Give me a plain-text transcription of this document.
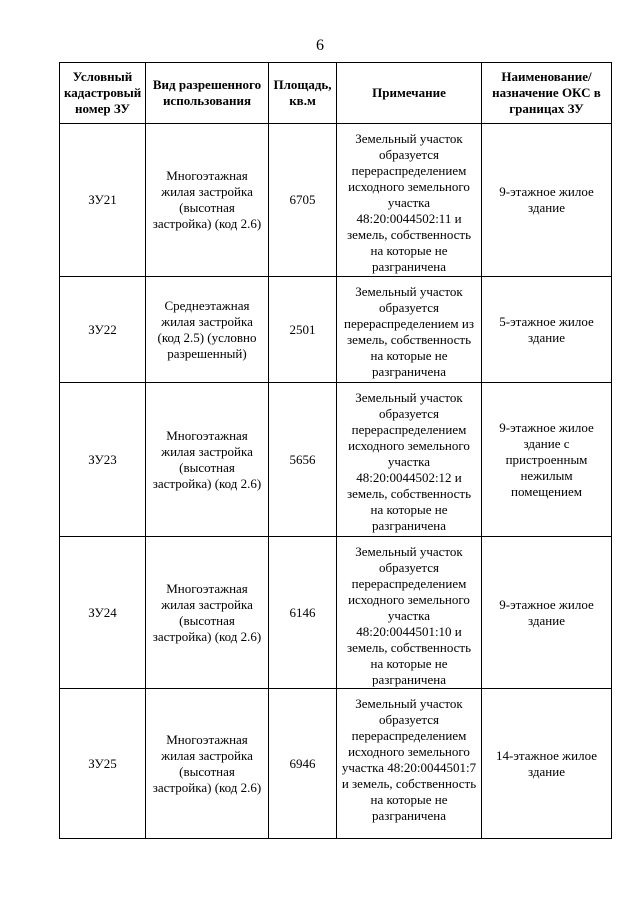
6
Условный кадастровый номер ЗУ	Вид разрешенного использования	Площадь, кв.м	Примечание	Наименование/ назначение ОКС в границах ЗУ
ЗУ21	Многоэтажная жилая застройка (высотная застройка) (код 2.6)	6705	Земельный участок образуется перераспределением исходного земельного участка 48:20:0044502:11 и земель, собственность на которые не разграничена	9-этажное жилое здание
ЗУ22	Среднеэтажная жилая застройка (код 2.5) (условно разрешенный)	2501	Земельный участок образуется перераспределением из земель, собственность на которые не разграничена	5-этажное жилое здание
ЗУ23	Многоэтажная жилая застройка (высотная застройка) (код 2.6)	5656	Земельный участок образуется перераспределением исходного земельного участка 48:20:0044502:12 и земель, собственность на которые не разграничена	9-этажное жилое здание с пристроенным нежилым помещением
ЗУ24	Многоэтажная жилая застройка (высотная застройка) (код 2.6)	6146	Земельный участок образуется перераспределением исходного земельного участка 48:20:0044501:10 и земель, собственность на которые не разграничена	9-этажное жилое здание
ЗУ25	Многоэтажная жилая застройка (высотная застройка) (код 2.6)	6946	Земельный участок образуется перераспределением исходного земельного участка 48:20:0044501:7 и земель, собственность на которые не разграничена	14-этажное жилое здание
